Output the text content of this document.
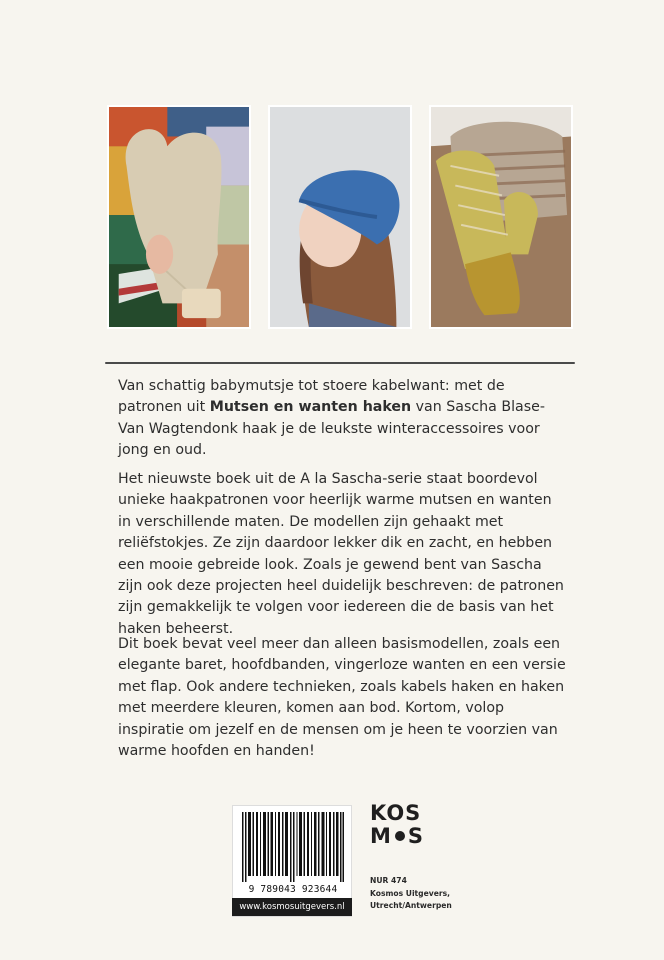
Van schattig babymutsje tot stoere kabelwant: met de patronen uit Mutsen en wanten haken van Sascha Blase-Van Wagtendonk haak je de leukste winteraccessoires voor jong en oud.
Het nieuwste boek uit de A la Sascha-serie staat boordevol unieke haakpatronen voor heerlijk warme mutsen en wanten in verschillende maten. De modellen zijn gehaakt met reliëfstokjes. Ze zijn daardoor lekker dik en zacht, en hebben een mooie gebreide look. Zoals je gewend bent van Sascha zijn ook deze projecten heel duidelijk beschreven: de patronen zijn gemakkelijk te volgen voor iedereen die de basis van het haken beheerst.
Dit boek bevat veel meer dan alleen basismodellen, zoals een elegante baret, hoofdbanden, vingerloze wanten en een versie met flap. Ook andere technieken, zoals kabels haken en haken met meerdere kleuren, komen aan bod. Kortom, volop inspiratie om jezelf en de mensen om je heen te voorzien van warme hoofden en handen!
9 789043 923644
www.kosmosuitgevers.nl
KOS
M S
NUR 474
Kosmos Uitgevers,
Utrecht/Antwerpen
